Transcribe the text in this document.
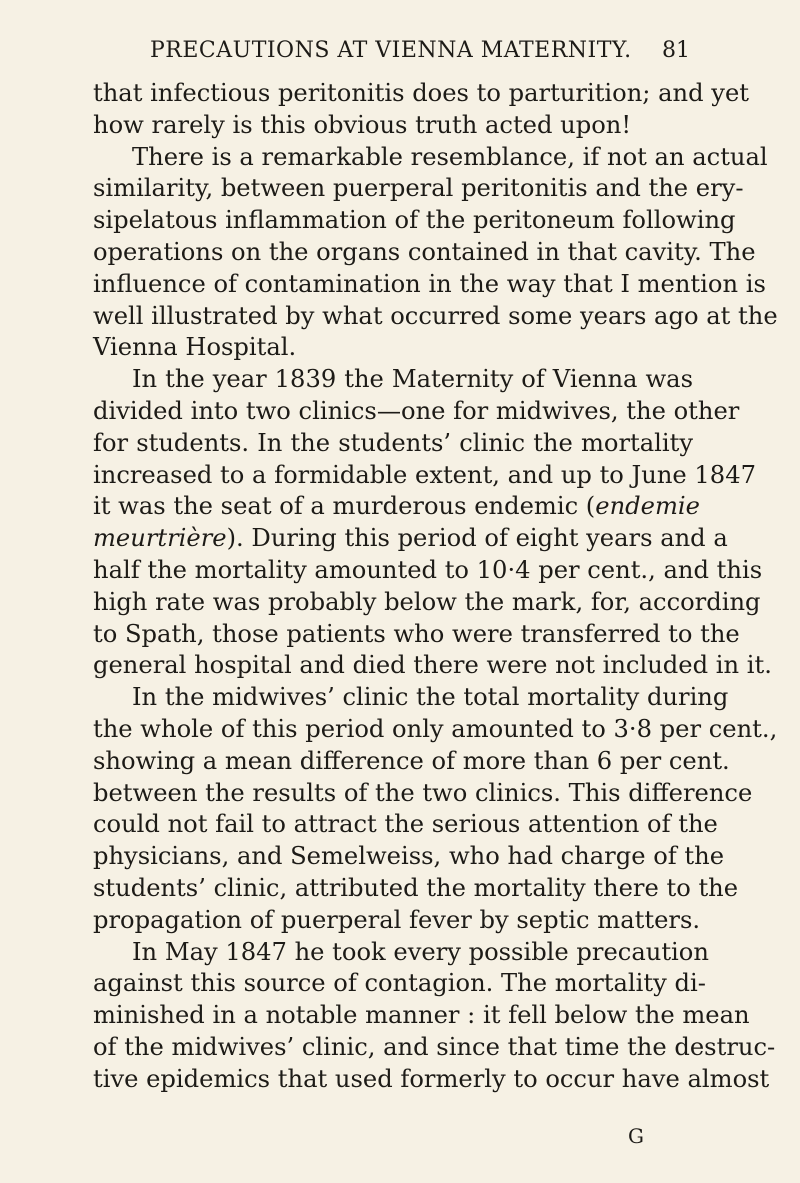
PRECAUTIONS AT VIENNA MATERNITY.	81
that infectious peritonitis does to parturition; and yet
how rarely is this obvious truth acted upon!
There is a remarkable resemblance, if not an actual
similarity, between puerperal peritonitis and the ery-
sipelatous inflammation of the peritoneum following
operations on the organs contained in that cavity. The
influence of contamination in the way that I mention is
well illustrated by what occurred some years ago at the
Vienna Hospital.
In the year 1839 the Maternity of Vienna was
divided into two clinics—one for midwives, the other
for students. In the students’ clinic the mortality
increased to a formidable extent, and up to June 1847
it was the seat of a murderous endemic (endemie
meurtrière). During this period of eight years and a
half the mortality amounted to 10·4 per cent., and this
high rate was probably below the mark, for, according
to Spath, those patients who were transferred to the
general hospital and died there were not included in it.
In the midwives’ clinic the total mortality during
the whole of this period only amounted to 3·8 per cent.,
showing a mean difference of more than 6 per cent.
between the results of the two clinics. This difference
could not fail to attract the serious attention of the
physicians, and Semelweiss, who had charge of the
students’ clinic, attributed the mortality there to the
propagation of puerperal fever by septic matters.
In May 1847 he took every possible precaution
against this source of contagion. The mortality di-
minished in a notable manner : it fell below the mean
of the midwives’ clinic, and since that time the destruc-
tive epidemics that used formerly to occur have almost
G
